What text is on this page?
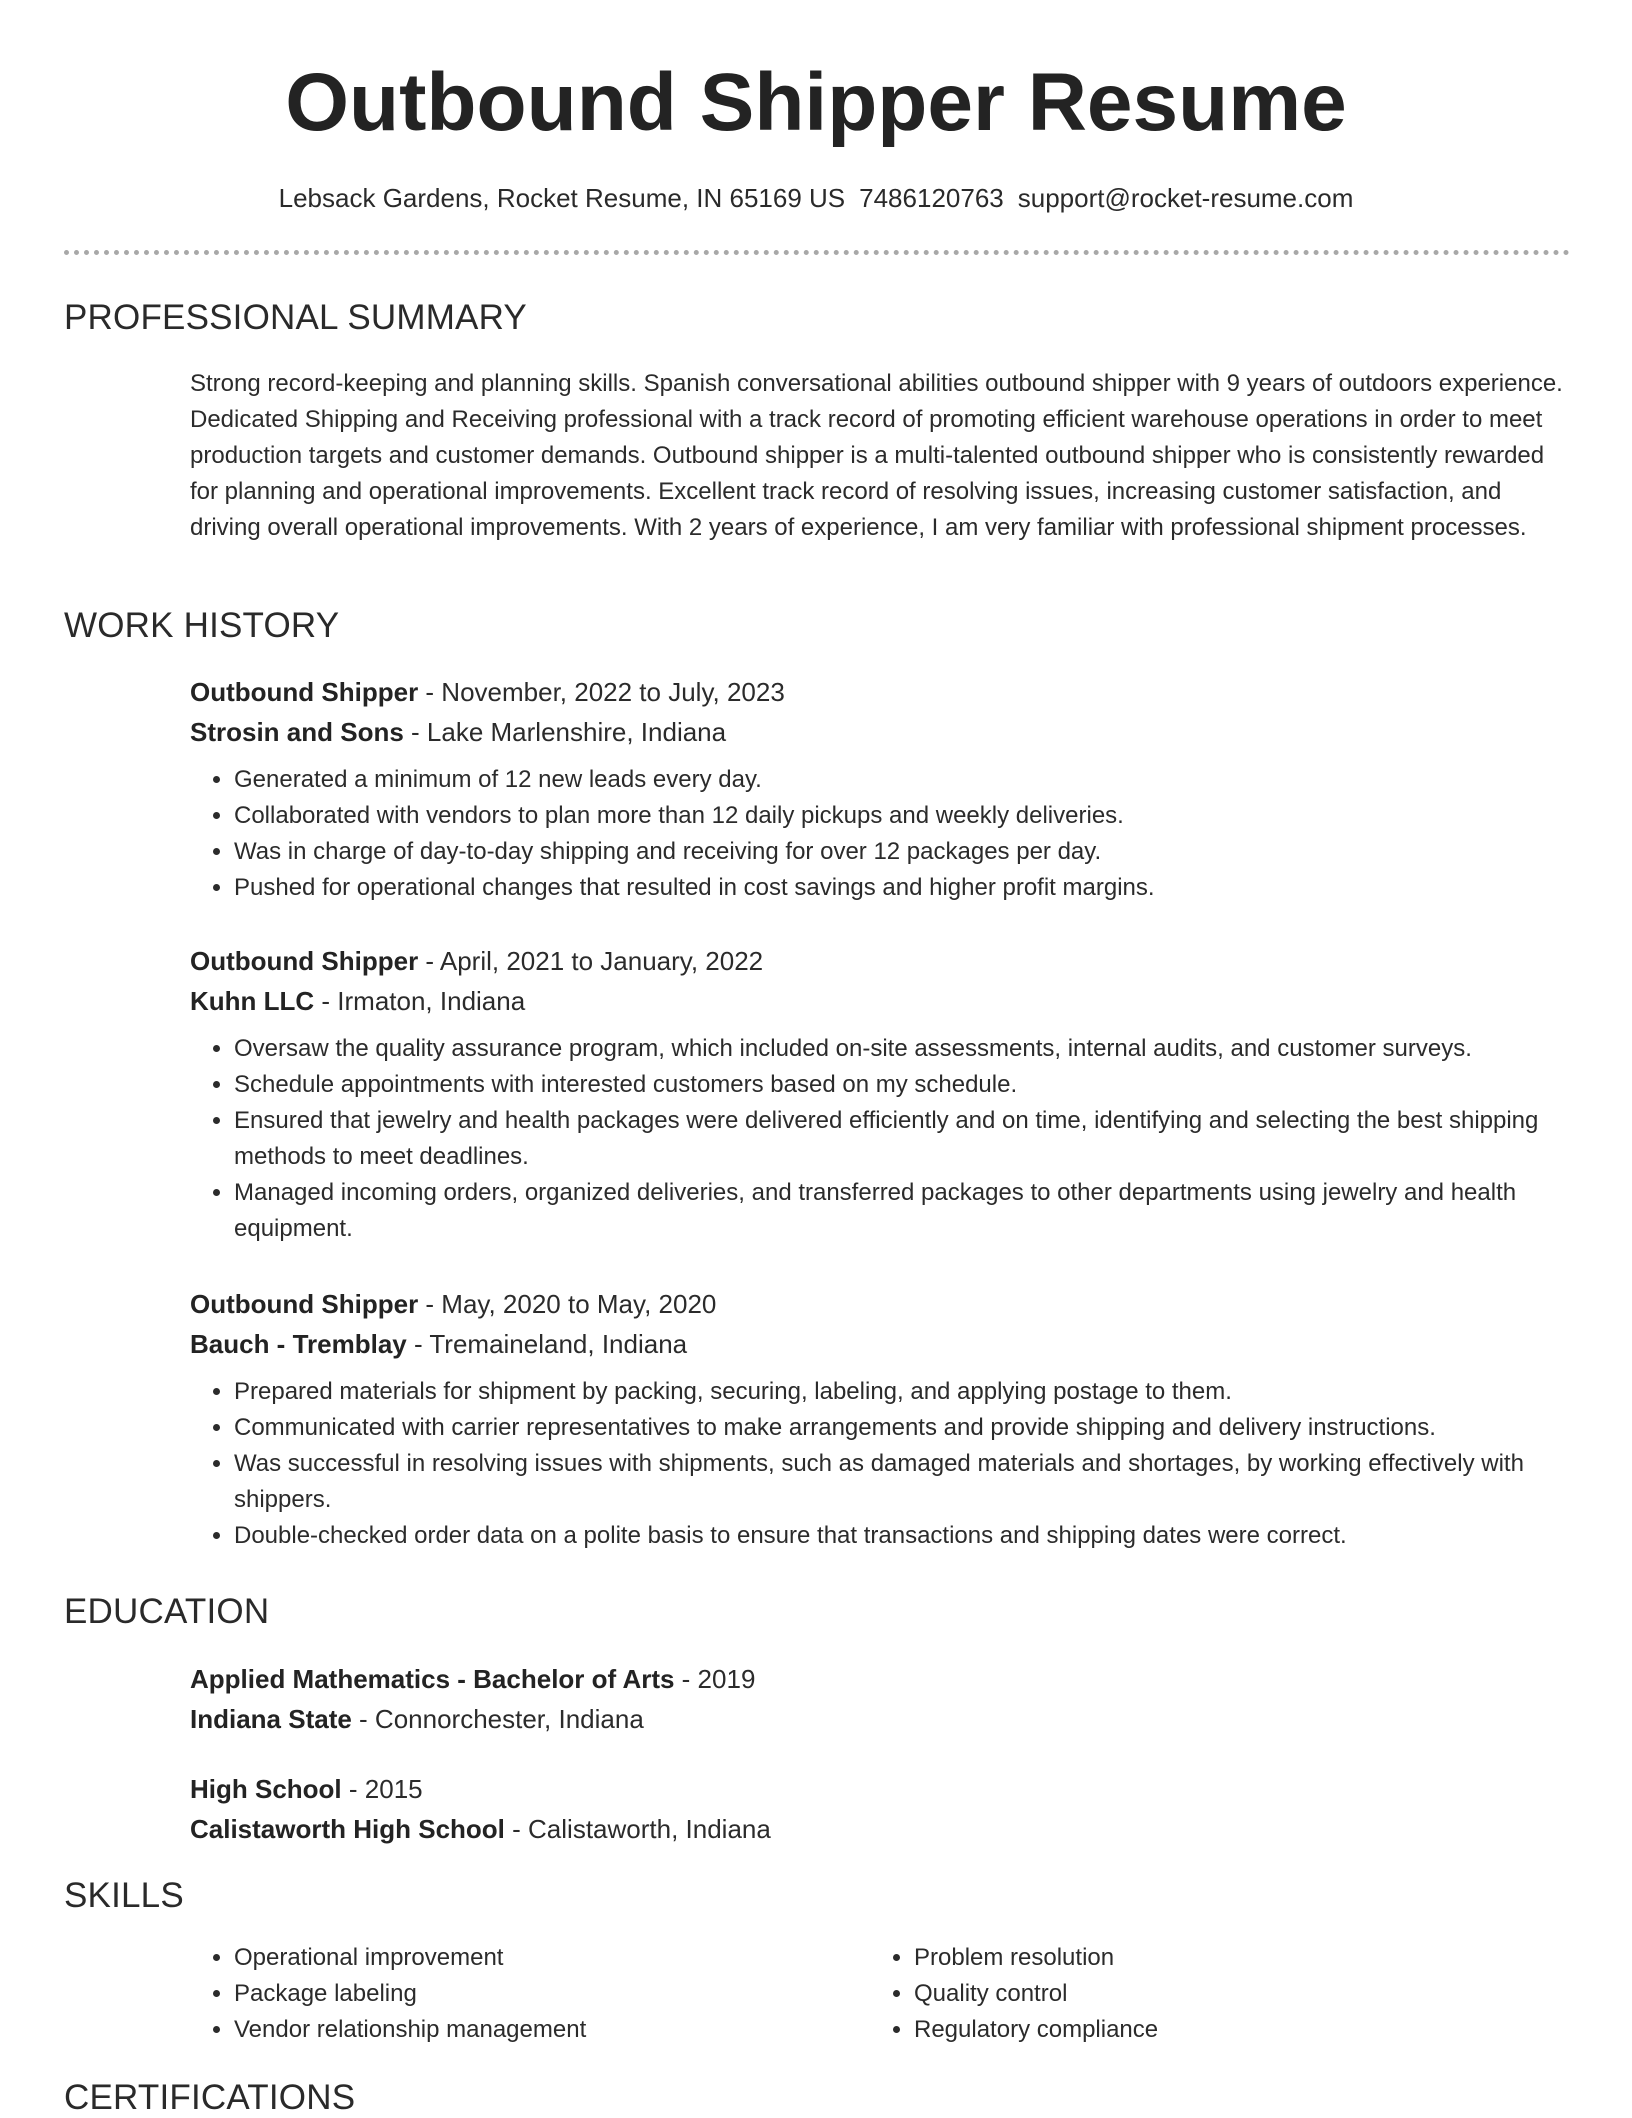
Outbound Shipper Resume
Lebsack Gardens, Rocket Resume, IN 65169 US 7486120763 support@rocket-resume.com
PROFESSIONAL SUMMARY
Strong record-keeping and planning skills. Spanish conversational abilities outbound shipper with 9 years of outdoors experience. Dedicated Shipping and Receiving professional with a track record of promoting efficient warehouse operations in order to meet production targets and customer demands. Outbound shipper is a multi-talented outbound shipper who is consistently rewarded for planning and operational improvements. Excellent track record of resolving issues, increasing customer satisfaction, and driving overall operational improvements. With 2 years of experience, I am very familiar with professional shipment processes.
WORK HISTORY
Outbound Shipper - November, 2022 to July, 2023
Strosin and Sons - Lake Marlenshire, Indiana
• Generated a minimum of 12 new leads every day.
• Collaborated with vendors to plan more than 12 daily pickups and weekly deliveries.
• Was in charge of day-to-day shipping and receiving for over 12 packages per day.
• Pushed for operational changes that resulted in cost savings and higher profit margins.
Outbound Shipper - April, 2021 to January, 2022
Kuhn LLC - Irmaton, Indiana
• Oversaw the quality assurance program, which included on-site assessments, internal audits, and customer surveys.
• Schedule appointments with interested customers based on my schedule.
• Ensured that jewelry and health packages were delivered efficiently and on time, identifying and selecting the best shipping methods to meet deadlines.
• Managed incoming orders, organized deliveries, and transferred packages to other departments using jewelry and health equipment.
Outbound Shipper - May, 2020 to May, 2020
Bauch - Tremblay - Tremaineland, Indiana
• Prepared materials for shipment by packing, securing, labeling, and applying postage to them.
• Communicated with carrier representatives to make arrangements and provide shipping and delivery instructions.
• Was successful in resolving issues with shipments, such as damaged materials and shortages, by working effectively with shippers.
• Double-checked order data on a polite basis to ensure that transactions and shipping dates were correct.
EDUCATION
Applied Mathematics - Bachelor of Arts - 2019
Indiana State - Connorchester, Indiana
High School - 2015
Calistaworth High School - Calistaworth, Indiana
SKILLS
• Operational improvement
• Package labeling
• Vendor relationship management
• Problem resolution
• Quality control
• Regulatory compliance
CERTIFICATIONS
